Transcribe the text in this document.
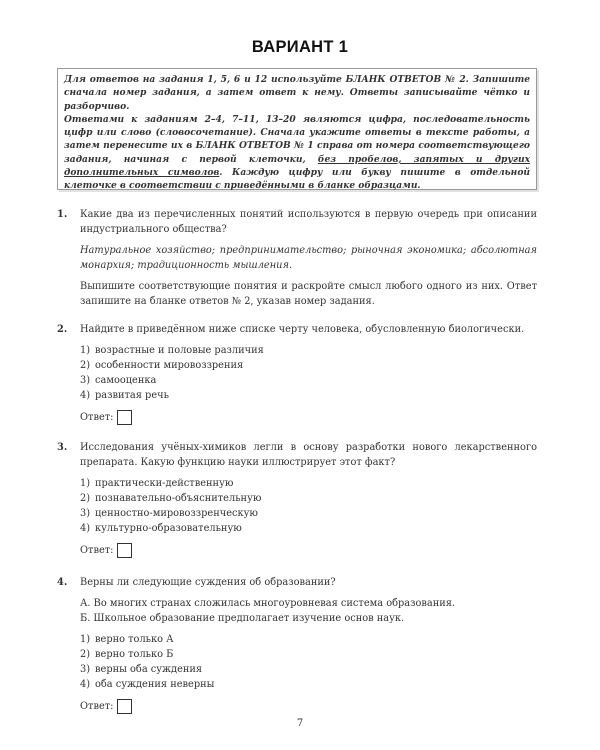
ВАРИАНТ 1

Для ответов на задания 1, 5, 6 и 12 используйте БЛАНК ОТВЕТОВ № 2. Запишите сначала номер задания, а затем ответ к нему. Ответы записывайте чётко и разборчиво.

Ответами к заданиям 2–4, 7–11, 13–20 являются цифра, последовательность цифр или слово (словосочетание). Сначала укажите ответы в тексте работы, а затем перенесите их в БЛАНК ОТВЕТОВ № 1 справа от номера соответствующего задания, начиная с первой клеточки, без пробелов, запятых и других дополнительных символов. Каждую цифру или букву пишите в отдельной клеточке в соответствии с приведёнными в бланке образцами.

1. Какие два из перечисленных понятий используются в первую очередь при описании индустриального общества?

Натуральное хозяйство; предпринимательство; рыночная экономика; абсолютная монархия; традиционность мышления.

Выпишите соответствующие понятия и раскройте смысл любого одного из них. Ответ запишите на бланке ответов № 2, указав номер задания.

2. Найдите в приведённом ниже списке черту человека, обусловленную биологически.

1) возрастные и половые различия
2) особенности мировоззрения
3) самооценка
4) развитая речь
Ответ:
3. Исследования учёных-химиков легли в основу разработки нового лекарственного препарата. Какую функцию науки иллюстрирует этот факт?

1) практически-действенную
2) познавательно-объяснительную
3) ценностно-мировоззренческую
4) культурно-образовательную
Ответ:
4. Верны ли следующие суждения об образовании?

А. Во многих странах сложилась многоуровневая система образования.

Б. Школьное образование предполагает изучение основ наук.

1) верно только А
2) верно только Б
3) верны оба суждения
4) оба суждения неверны
Ответ:
7
